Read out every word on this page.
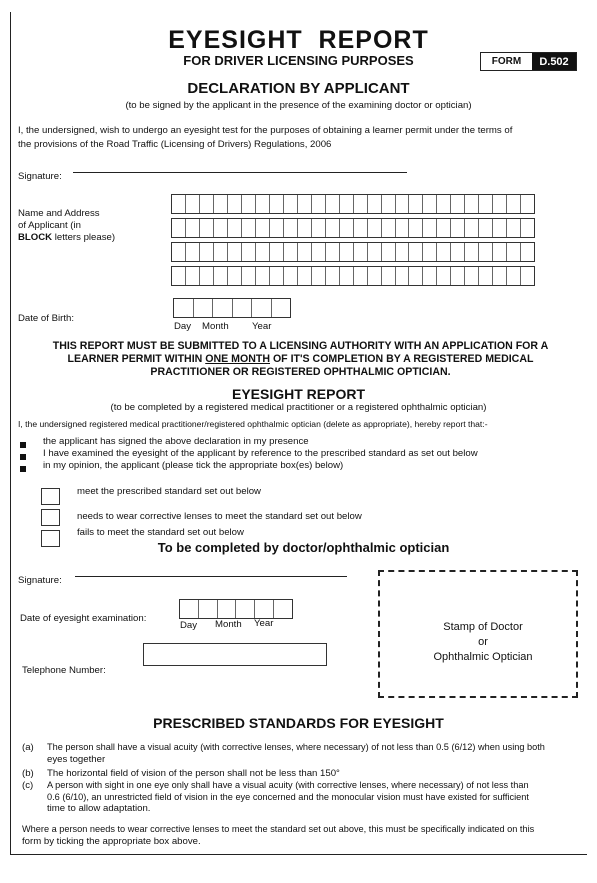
EYESIGHT  REPORT
FOR DRIVER LICENSING PURPOSES	FORM	D.502
DECLARATION BY APPLICANT
(to be signed by the applicant in the presence of the examining doctor or optician)
I, the undersigned, wish to undergo an eyesight test for the purposes of obtaining a learner permit under the terms of
the provisions of the Road Traffic (Licensing of Drivers) Regulations, 2006
Signature:
Name and Address
of Applicant (in
BLOCK letters please)
Date of Birth:
Day Month Year
THIS REPORT MUST BE SUBMITTED TO A LICENSING AUTHORITY WITH AN APPLICATION FOR A
LEARNER PERMIT WITHIN ONE MONTH OF IT'S COMPLETION BY A REGISTERED MEDICAL
PRACTITIONER OR REGISTERED OPHTHALMIC OPTICIAN.
EYESIGHT REPORT
(to be completed by a registered medical practitioner or a registered ophthalmic optician)
I, the undersigned registered medical practitioner/registered ophthalmic optician (delete as appropriate), hereby report that:-
the applicant has signed the above declaration in my presence
I have examined the eyesight of the applicant by reference to the prescribed standard as set out below
in my opinion, the applicant (please tick the appropriate box(es) below)
meet the prescribed standard set out below
needs to wear corrective lenses to meet the standard set out below
fails to meet the standard set out below
To be completed by doctor/ophthalmic optician
Signature:
Date of eyesight examination:
Day Month Year
Telephone Number:
Stamp of Doctor
or
Ophthalmic Optician
PRESCRIBED STANDARDS FOR EYESIGHT
(a) The person shall have a visual acuity (with corrective lenses, where necessary) of not less than 0.5 (6/12) when using both
eyes together
(b) The horizontal field of vision of the person shall not be less than 150°
(c) A person with sight in one eye only shall have a visual acuity (with corrective lenses, where necessary) of not less than
0.6 (6/10), an unrestricted field of vision in the eye concerned and the monocular vision must have existed for sufficient
time to allow adaptation.
Where a person needs to wear corrective lenses to meet the standard set out above, this must be specifically indicated on this
form by ticking the appropriate box above.
